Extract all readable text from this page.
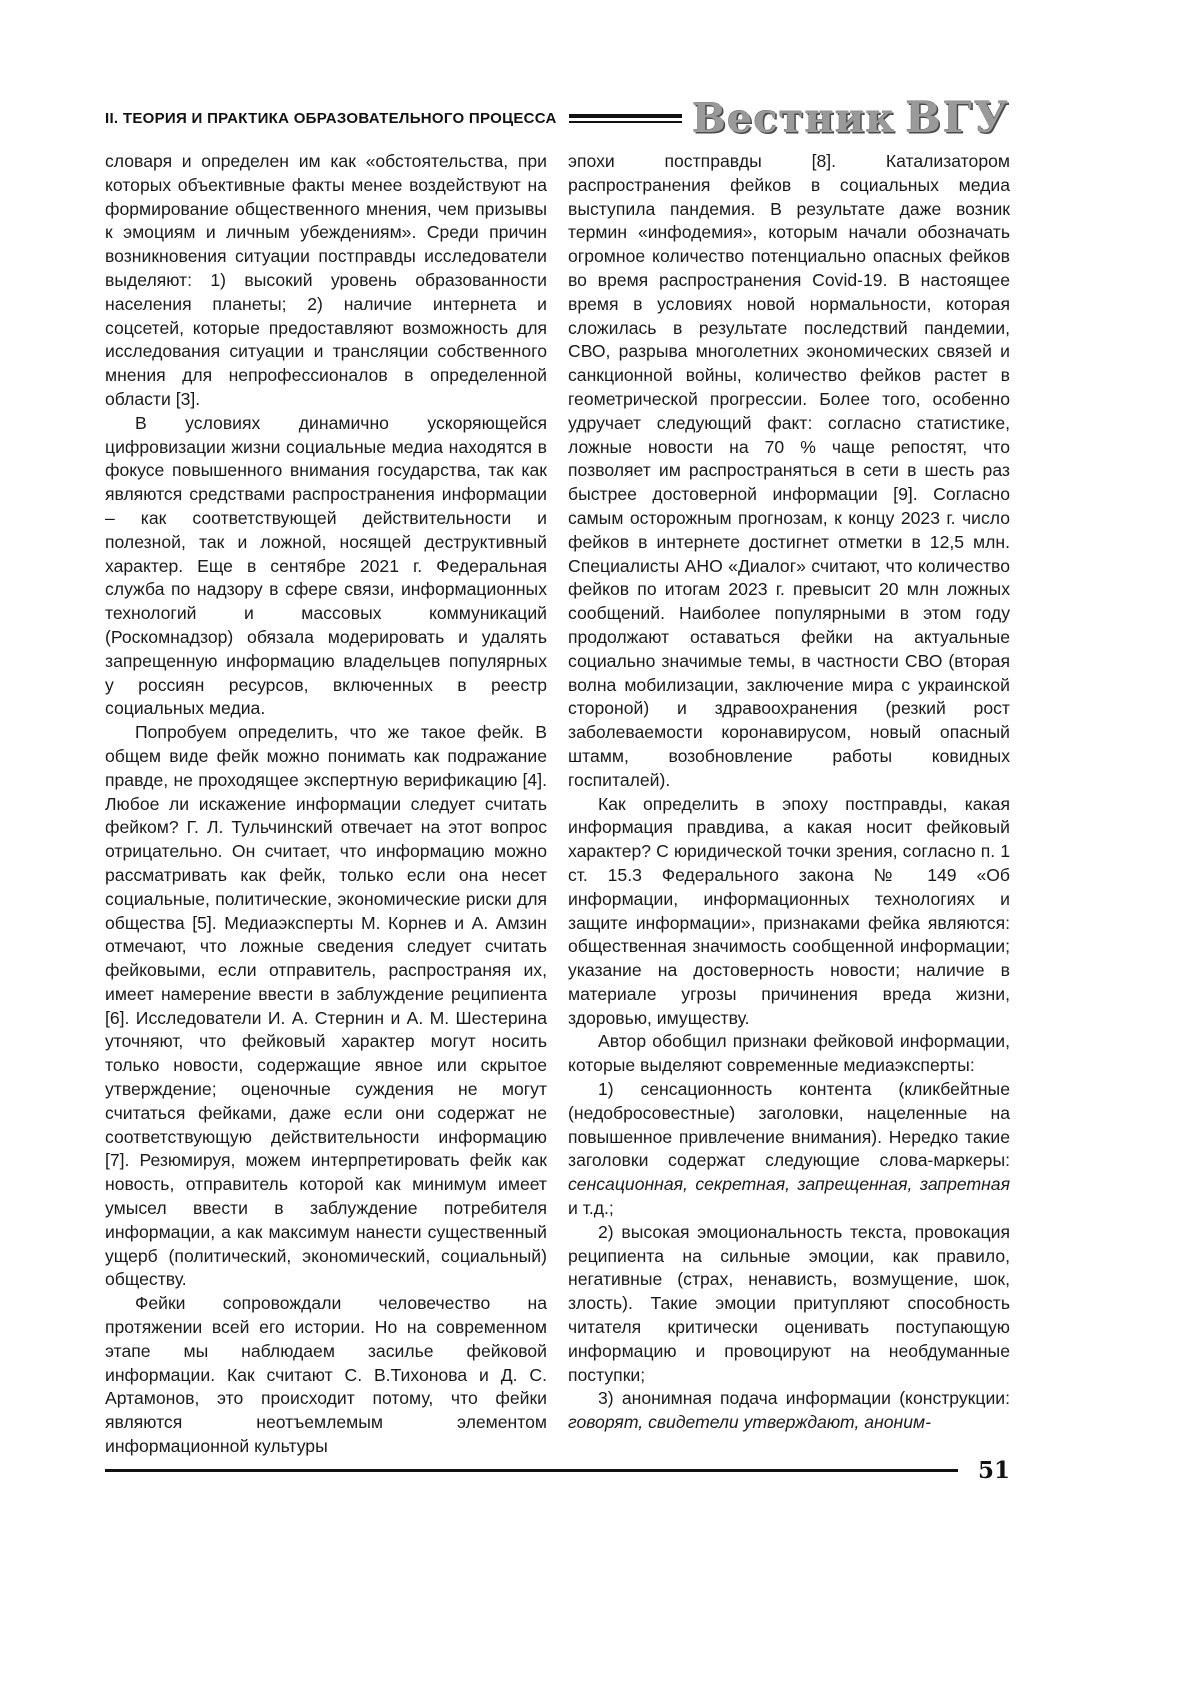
II. ТЕОРИЯ И ПРАКТИКА ОБРАЗОВАТЕЛЬНОГО ПРОЦЕССА	Вестник ВГУ

словаря и определен им как «обстоятельства, при которых объективные факты менее воздействуют на формирование общественного мнения, чем призывы к эмоциям и личным убеждениям». Среди причин возникновения ситуации постправды исследователи выделяют: 1) высокий уровень образованности населения планеты; 2) наличие интернета и соцсетей, которые предоставляют возможность для исследования ситуации и трансляции собственного мнения для непрофессионалов в определенной области [3].

В условиях динамично ускоряющейся цифровизации жизни социальные медиа находятся в фокусе повышенного внимания государства, так как являются средствами распространения информации – как соответствующей действительности и полезной, так и ложной, носящей деструктивный характер. Еще в сентябре 2021 г. Федеральная служба по надзору в сфере связи, информационных технологий и массовых коммуникаций (Роскомнадзор) обязала модерировать и удалять запрещенную информацию владельцев популярных у россиян ресурсов, включенных в реестр социальных медиа.

Попробуем определить, что же такое фейк. В общем виде фейк можно понимать как подражание правде, не проходящее экспертную верификацию [4]. Любое ли искажение информации следует считать фейком? Г. Л. Тульчинский отвечает на этот вопрос отрицательно. Он считает, что информацию можно рассматривать как фейк, только если она несет социальные, политические, экономические риски для общества [5]. Медиаэксперты М. Корнев и А. Амзин отмечают, что ложные сведения следует считать фейковыми, если отправитель, распространяя их, имеет намерение ввести в заблуждение реципиента [6]. Исследователи И. А. Стернин и А. М. Шестерина уточняют, что фейковый характер могут носить только новости, содержащие явное или скрытое утверждение; оценочные суждения не могут считаться фейками, даже если они содержат не соответствующую действительности информацию [7]. Резюмируя, можем интерпретировать фейк как новость, отправитель которой как минимум имеет умысел ввести в заблуждение потребителя информации, а как максимум нанести существенный ущерб (политический, экономический, социальный) обществу.

Фейки сопровождали человечество на протяжении всей его истории. Но на современном этапе мы наблюдаем засилье фейковой информации. Как считают С. В.Тихонова и Д. С. Артамонов, это происходит потому, что фейки являются неотъемлемым элементом информационной культуры

эпохи постправды [8]. Катализатором распространения фейков в социальных медиа выступила пандемия. В результате даже возник термин «инфодемия», которым начали обозначать огромное количество потенциально опасных фейков во время распространения Covid-19. В настоящее время в условиях новой нормальности, которая сложилась в результате последствий пандемии, СВО, разрыва многолетних экономических связей и санкционной войны, количество фейков растет в геометрической прогрессии. Более того, особенно удручает следующий факт: согласно статистике, ложные новости на 70 % чаще репостят, что позволяет им распространяться в сети в шесть раз быстрее достоверной информации [9]. Согласно самым осторожным прогнозам, к концу 2023 г. число фейков в интернете достигнет отметки в 12,5 млн. Специалисты АНО «Диалог» считают, что количество фейков по итогам 2023 г. превысит 20 млн ложных сообщений. Наиболее популярными в этом году продолжают оставаться фейки на актуальные социально значимые темы, в частности СВО (вторая волна мобилизации, заключение мира с украинской стороной) и здравоохранения (резкий рост заболеваемости коронавирусом, новый опасный штамм, возобновление работы ковидных госпиталей).

Как определить в эпоху постправды, какая информация правдива, а какая носит фейковый характер? С юридической точки зрения, согласно п. 1 ст. 15.3 Федерального закона № 149 «Об информации, информационных технологиях и защите информации», признаками фейка являются: общественная значимость сообщенной информации; указание на достоверность новости; наличие в материале угрозы причинения вреда жизни, здоровью, имуществу.

Автор обобщил признаки фейковой информации, которые выделяют современные медиаэксперты:

1) сенсационность контента (кликбейтные (недобросовестные) заголовки, нацеленные на повышенное привлечение внимания). Нередко такие заголовки содержат следующие слова-маркеры: сенсационная, секретная, запрещенная, запретная и т.д.;

2) высокая эмоциональность текста, провокация реципиента на сильные эмоции, как правило, негативные (страх, ненависть, возмущение, шок, злость). Такие эмоции притупляют способность читателя критически оценивать поступающую информацию и провоцируют на необдуманные поступки;

3) анонимная подача информации (конструкции: говорят, свидетели утверждают, аноним-

51
